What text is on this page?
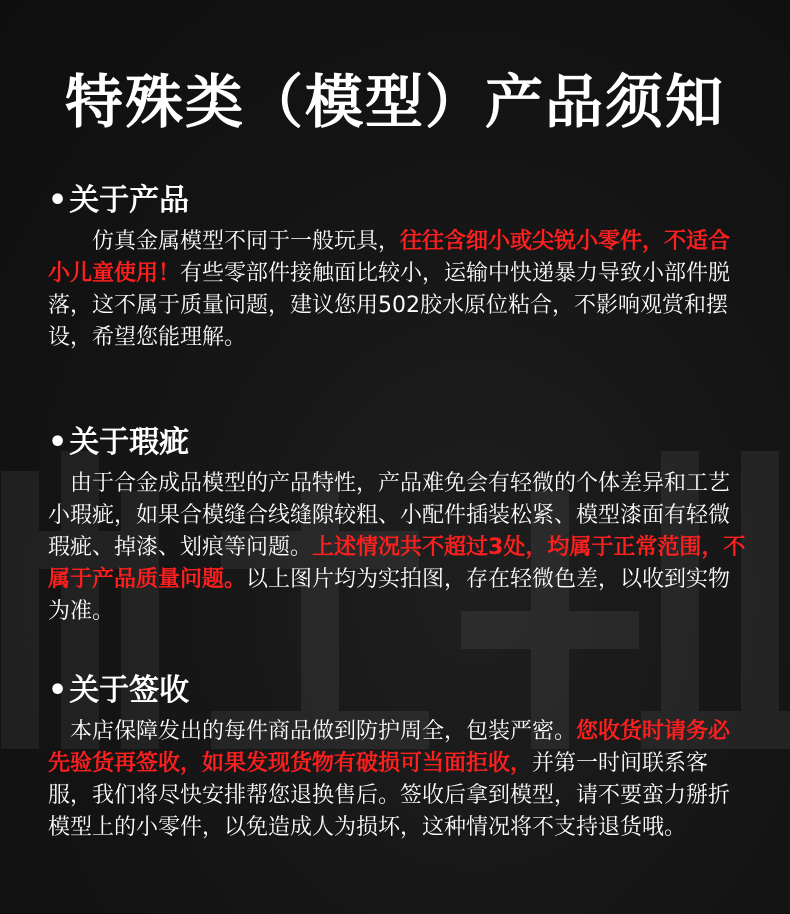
特殊类（模型）产品须知
•关于产品

　　仿真金属模型不同于一般玩具，往往含细小或尖锐小零件，不适合小儿童使用！有些零部件接触面比较小，运输中快递暴力导致小部件脱落，这不属于质量问题，建议您用502胶水原位粘合，不影响观赏和摆设，希望您能理解。

•关于瑕疵

　由于合金成品模型的产品特性，产品难免会有轻微的个体差异和工艺小瑕疵，如果合模缝合线缝隙较粗、小配件插装松紧、模型漆面有轻微瑕疵、掉漆、划痕等问题。上述情况共不超过3处，均属于正常范围，不属于产品质量问题。以上图片均为实拍图，存在轻微色差，以收到实物为准。

•关于签收

　本店保障发出的每件商品做到防护周全，包装严密。您收货时请务必先验货再签收，如果发现货物有破损可当面拒收，并第一时间联系客服，我们将尽快安排帮您退换售后。签收后拿到模型，请不要蛮力掰折模型上的小零件，以免造成人为损坏，这种情况将不支持退货哦。
